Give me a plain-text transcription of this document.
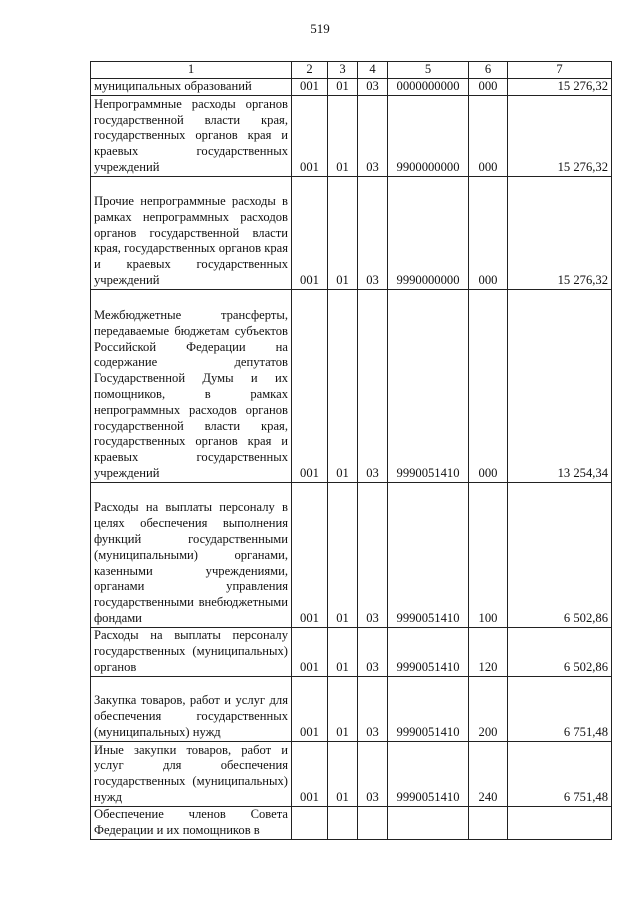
519
1	2	3	4	5	6	7
муниципальных образований	001	01	03	0000000000	000	15 276,32
Непрограммные расходы органов государственной власти края, государственных органов края и краевых государственных учреждений	001	01	03	9900000000	000	15 276,32
Прочие непрограммные расходы в рамках непрограммных расходов органов государственной власти края, государственных органов края и краевых государственных учреждений	001	01	03	9990000000	000	15 276,32
Межбюджетные трансферты, передаваемые бюджетам субъектов Российской Федерации на содержание депутатов Государственной Думы и их помощников, в рамках непрограммных расходов органов государственной власти края, государственных органов края и краевых государственных учреждений	001	01	03	9990051410	000	13 254,34
Расходы на выплаты персоналу в целях обеспечения выполнения функций государственными (муниципальными) органами, казенными учреждениями, органами управления государственными внебюджетными фондами	001	01	03	9990051410	100	6 502,86
Расходы на выплаты персоналу государственных (муниципальных) органов	001	01	03	9990051410	120	6 502,86
Закупка товаров, работ и услуг для обеспечения государственных (муниципальных) нужд	001	01	03	9990051410	200	6 751,48
Иные закупки товаров, работ и услуг для обеспечения государственных (муниципальных) нужд	001	01	03	9990051410	240	6 751,48
Обеспечение членов Совета Федерации и их помощников в						
